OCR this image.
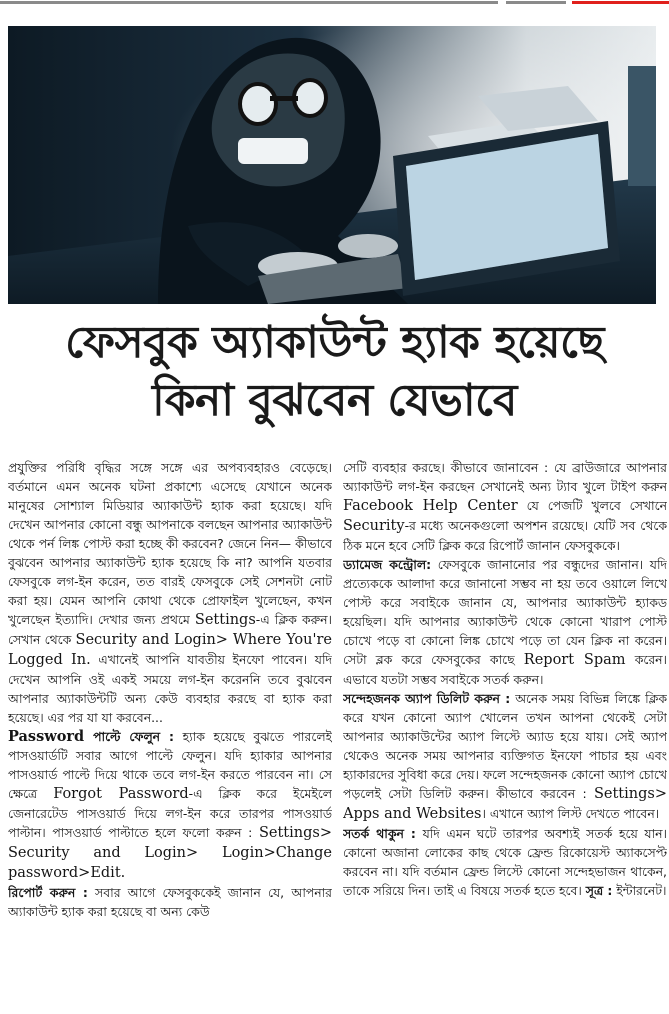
ফেসবুক অ্যাকাউন্ট হ্যাক হয়েছে
কিনা বুঝবেন যেভাবে

প্রযুক্তির পরিধি বৃদ্ধির সঙ্গে সঙ্গে এর অপব্যবহারও বেড়েছে। বর্তমানে এমন অনেক ঘটনা প্রকাশ্যে এসেছে যেখানে অনেক মানুষের সোশ্যাল মিডিয়ার অ্যাকাউন্ট হ্যাক করা হয়েছে। যদি দেখেন আপনার কোনো বন্ধু আপনাকে বলছেন আপনার অ্যাকাউন্ট থেকে পর্ন লিঙ্ক পোস্ট করা হচ্ছে কী করবেন? জেনে নিন— কীভাবে বুঝবেন আপনার অ্যাকাউন্ট হ্যাক হয়েছে কি না? আপনি যতবার ফেসবুকে লগ-ইন করেন, তত বারই ফেসবুকে সেই সেশনটা নোট করা হয়। যেমন আপনি কোথা থেকে প্রোফাইল খুলেছেন, কখন খুলেছেন ইত্যাদি। দেখার জন্য প্রথমে Settings-এ ক্লিক করুন। সেখান থেকে Security and Login> Where You're Logged In. এখানেই আপনি যাবতীয় ইনফো পাবেন। যদি দেখেন আপনি ওই একই সময়ে লগ-ইন করেননি তবে বুঝবেন আপনার অ্যাকাউন্টটি অন্য কেউ ব্যবহার করছে বা হ্যাক করা হয়েছে। এর পর যা যা করবেন...

Password পাল্টে ফেলুন : হ্যাক হয়েছে বুঝতে পারলেই পাসওয়ার্ডটি সবার আগে পাল্টে ফেলুন। যদি হ্যাকার আপনার পাসওয়ার্ড পাল্টে দিয়ে থাকে তবে লগ-ইন করতে পারবেন না। সে ক্ষেত্রে Forgot Password-এ ক্লিক করে ইমেইলে জেনারেটেড পাসওয়ার্ড দিয়ে লগ-ইন করে তারপর পাসওয়ার্ড পাল্টান। পাসওয়ার্ড পাল্টাতে হলে ফলো করুন : Settings> Security and Login> Login>Change password>Edit.

রিপোর্ট করুন : সবার আগে ফেসবুককেই জানান যে, আপনার অ্যাকাউন্ট হ্যাক করা হয়েছে বা অন্য কেউ

সেটি ব্যবহার করছে। কীভাবে জানাবেন : যে ব্রাউজারে আপনার অ্যাকাউন্ট লগ-ইন করছেন সেখানেই অন্য ট্যাব খুলে টাইপ করুন Facebook Help Center যে পেজটি খুলবে সেখানে Security-র মধ্যে অনেকগুলো অপশন রয়েছে। যেটি সব থেকে ঠিক মনে হবে সেটি ক্লিক করে রিপোর্ট জানান ফেসবুককে।

ড্যামেজ কন্ট্রোল: ফেসবুকে জানানোর পর বন্ধুদের জানান। যদি প্রত্যেককে আলাদা করে জানানো সম্ভব না হয় তবে ওয়ালে লিখে পোস্ট করে সবাইকে জানান যে, আপনার অ্যাকাউন্ট হ্যাকড হয়েছিল। যদি আপনার অ্যাকাউন্ট থেকে কোনো খারাপ পোস্ট চোখে পড়ে বা কোনো লিঙ্ক চোখে পড়ে তা যেন ক্লিক না করেন। সেটা ব্লক করে ফেসবুকের কাছে Report Spam করেন। এভাবে যতটা সম্ভব সবাইকে সতর্ক করুন।

সন্দেহজনক অ্যাপ ডিলিট করুন : অনেক সময় বিভিন্ন লিঙ্কে ক্লিক করে যখন কোনো অ্যাপ খোলেন তখন আপনা থেকেই সেটা আপনার অ্যাকাউন্টের অ্যাপ লিস্টে অ্যাড হয়ে যায়। সেই অ্যাপ থেকেও অনেক সময় আপনার ব্যক্তিগত ইনফো পাচার হয় এবং হ্যাকারদের সুবিধা করে দেয়। ফলে সন্দেহজনক কোনো অ্যাপ চোখে পড়লেই সেটা ডিলিট করুন। কীভাবে করবেন : Settings> Apps and Websites। এখানে অ্যাপ লিস্ট দেখতে পাবেন।

সতর্ক থাকুন : যদি এমন ঘটে তারপর অবশ্যই সতর্ক হয়ে যান। কোনো অজানা লোকের কাছ থেকে ফ্রেন্ড রিকোয়েস্ট অ্যাকসেপ্ট করবেন না। যদি বর্তমান ফ্রেন্ড লিস্টে কোনো সন্দেহভাজন থাকেন, তাকে সরিয়ে দিন। তাই এ বিষয়ে সতর্ক হতে হবে। সূত্র : ইন্টারনেট।
